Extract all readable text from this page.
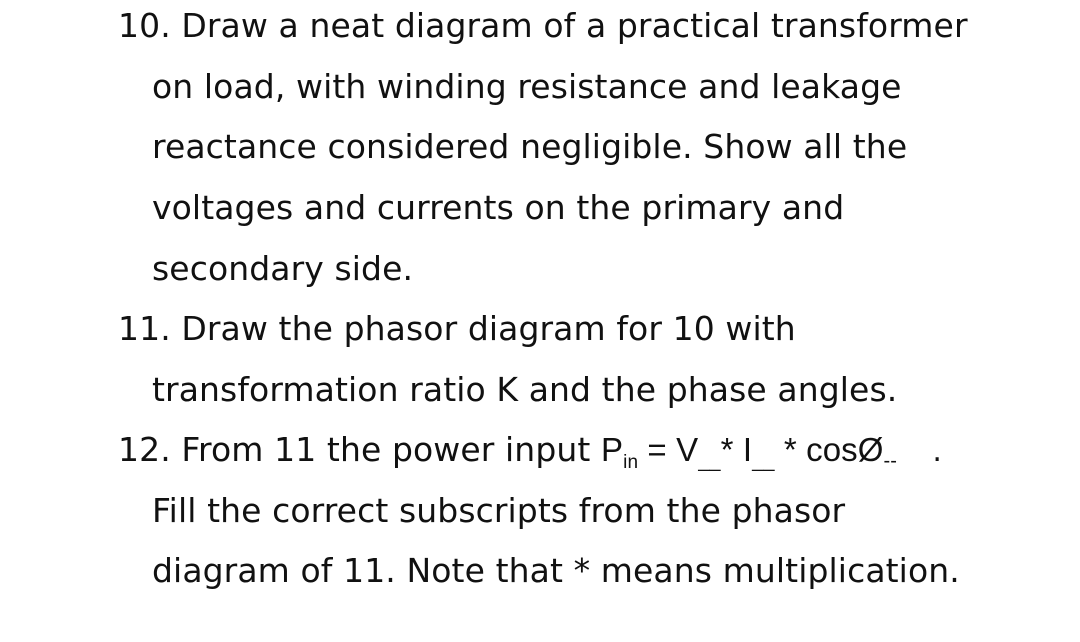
10. Draw a neat diagram of a practical transformer
on load, with winding resistance and leakage
reactance considered negligible. Show all the
voltages and currents on the primary and
secondary side.
11. Draw the phasor diagram for 10 with
transformation ratio K and the phase angles.
12. From 11 the power input $P_{in}$ = V__* I__ * cosØ-- .
Fill the correct subscripts from the phasor
diagram of 11. Note that * means multiplication.
